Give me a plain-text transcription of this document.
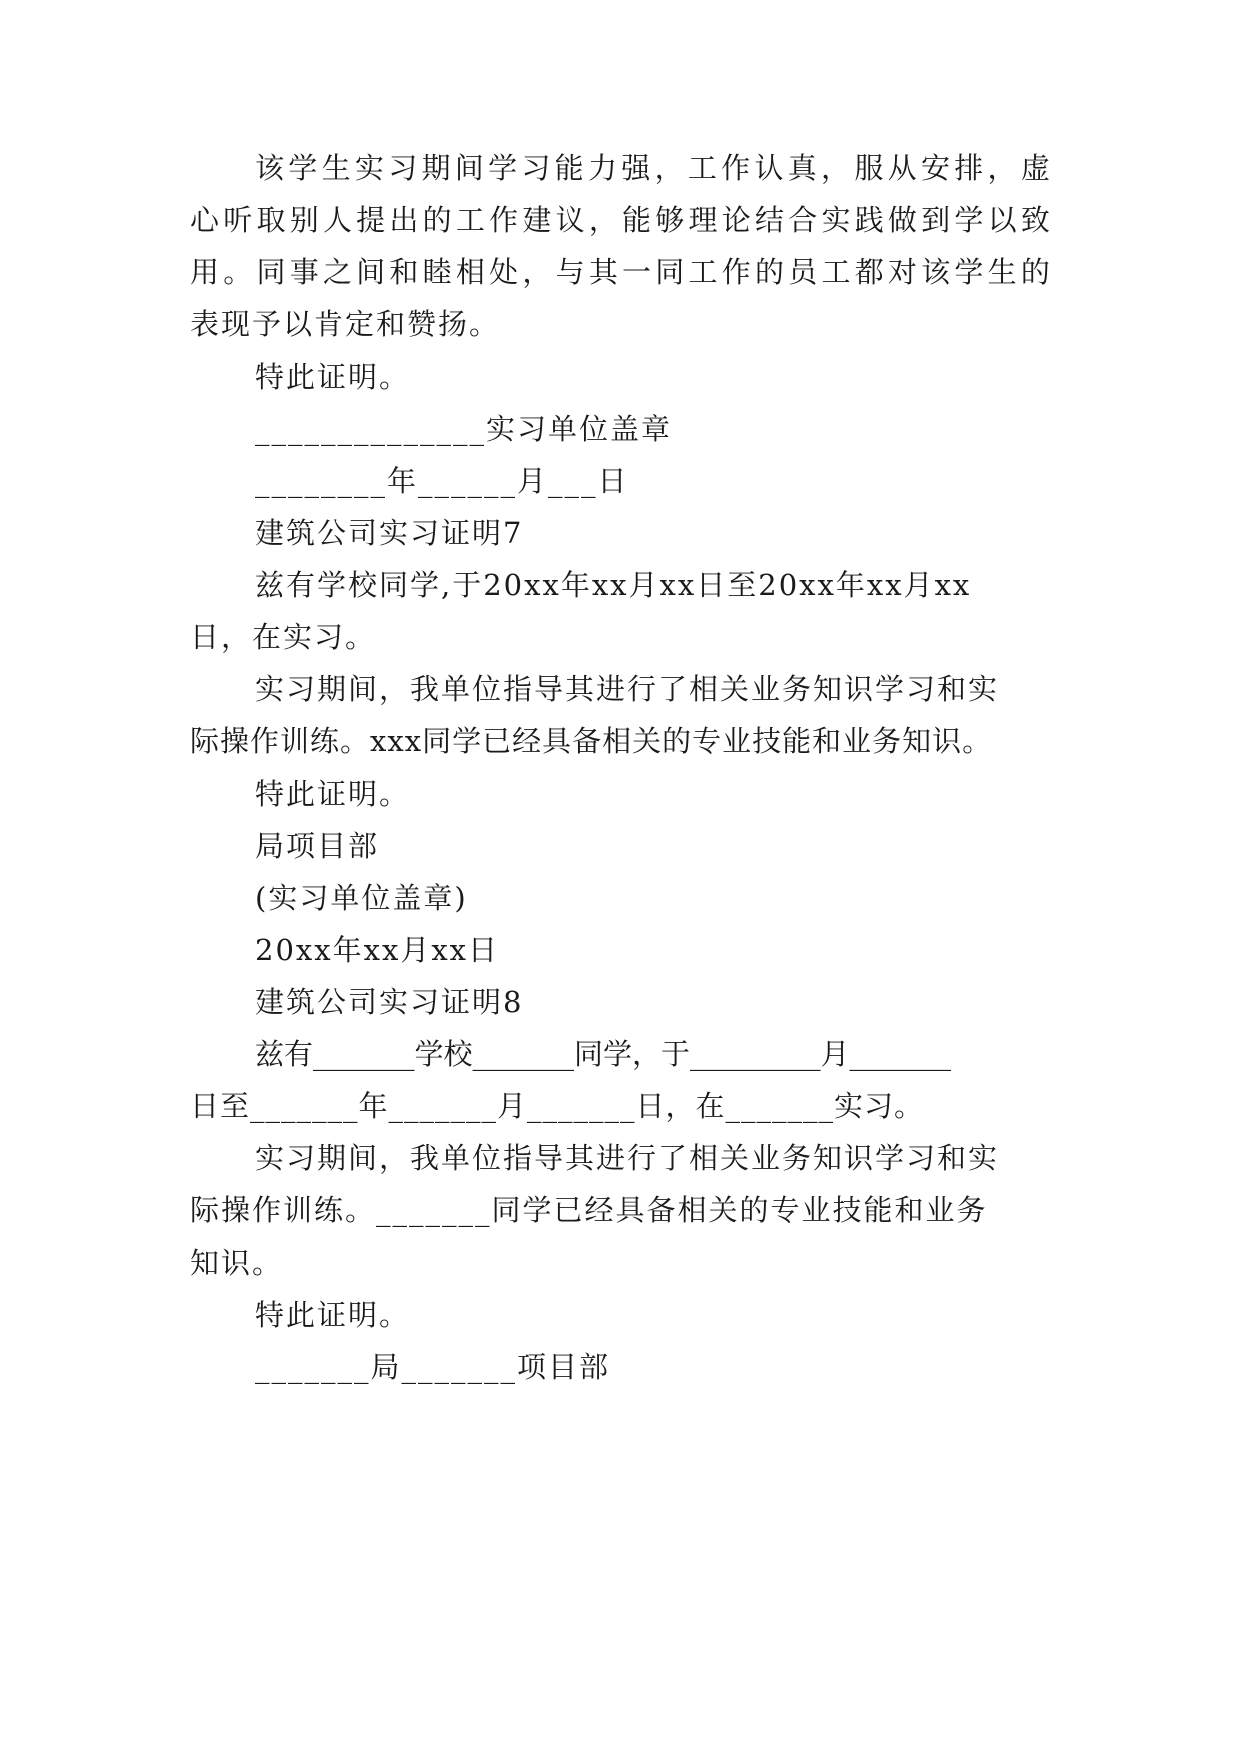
该 学 生 实 习 期 间 学 习 能 力 强 ， 工 作 认 真 ， 服 从 安 排 ， 虚
心 听 取 别 人 提 出 的 工 作 建 议 ， 能 够 理 论 结 合 实 践 做 到 学 以 致
用 。 同 事 之 间 和 睦 相 处 ， 与 其 一 同 工 作 的 员 工 都 对 该 学 生 的
表现予以肯定和赞扬。
特此证明。
______________实习单位盖章
________年______月___日
建筑公司实习证明7
兹有学校同学,于20xx年xx月xx日至20xx年xx月xx
日，在实习。
实习期间，我单位指导其进行了相关业务知识学习和实
际操作训练。xxx同学已经具备相关的专业技能和业务知识。
特此证明。
局项目部
(实习单位盖章)
20xx年xx月xx日
建筑公司实习证明8
兹有_______学校_______同学，于_________月_______
日至_______年_______月_______日，在_______实习。
实习期间，我单位指导其进行了相关业务知识学习和实
际操作训练。_______同学已经具备相关的专业技能和业务
知识。
特此证明。
_______局_______项目部
